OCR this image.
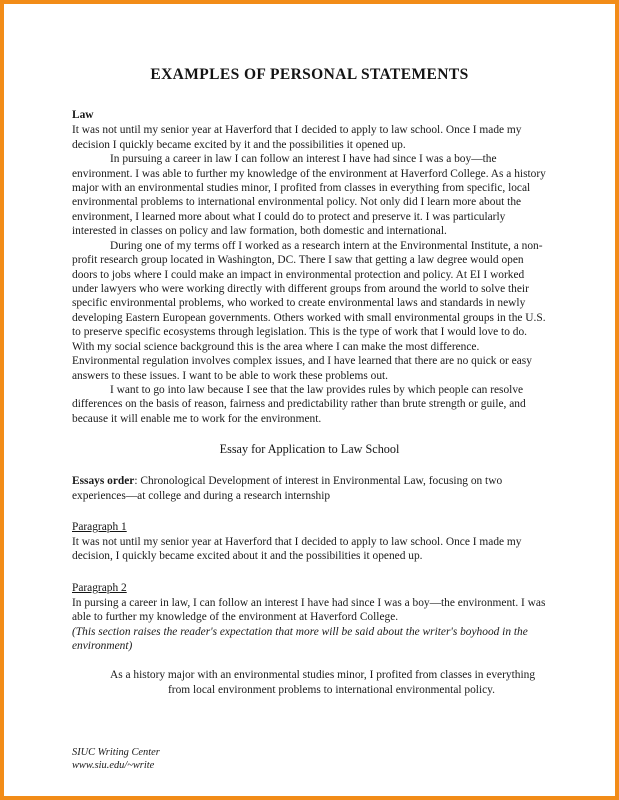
EXAMPLES OF PERSONAL STATEMENTS
Law

It was not until my senior year at Haverford that I decided to apply to law school. Once I made my decision I quickly became excited by it and the possibilities it opened up.

In pursuing a career in law I can follow an interest I have had since I was a boy—the environment. I was able to further my knowledge of the environment at Haverford College. As a history major with an environmental studies minor, I profited from classes in everything from specific, local environmental problems to international environmental policy. Not only did I learn more about the environment, I learned more about what I could do to protect and preserve it. I was particularly interested in classes on policy and law formation, both domestic and international.

During one of my terms off I worked as a research intern at the Environmental Institute, a non-profit research group located in Washington, DC. There I saw that getting a law degree would open doors to jobs where I could make an impact in environmental protection and policy. At EI I worked under lawyers who were working directly with different groups from around the world to solve their specific environmental problems, who worked to create environmental laws and standards in newly developing Eastern European governments. Others worked with small environmental groups in the U.S. to preserve specific ecosystems through legislation. This is the type of work that I would love to do. With my social science background this is the area where I can make the most difference. Environmental regulation involves complex issues, and I have learned that there are no quick or easy answers to these issues. I want to be able to work these problems out.

I want to go into law because I see that the law provides rules by which people can resolve differences on the basis of reason, fairness and predictability rather than brute strength or guile, and because it will enable me to work for the environment.

Essay for Application to Law School

Essays order: Chronological Development of interest in Environmental Law, focusing on two experiences—at college and during a research internship

Paragraph 1

It was not until my senior year at Haverford that I decided to apply to law school. Once I made my decision, I quickly became excited about it and the possibilities it opened up.

Paragraph 2

In pursing a career in law, I can follow an interest I have had since I was a boy—the environment. I was able to further my knowledge of the environment at Haverford College.

(This section raises the reader's expectation that more will be said about the writer's boyhood in the environment)

As a history major with an environmental studies minor, I profited from classes in everything from local environment problems to international environmental policy.

SIUC Writing Center
www.siu.edu/~write
